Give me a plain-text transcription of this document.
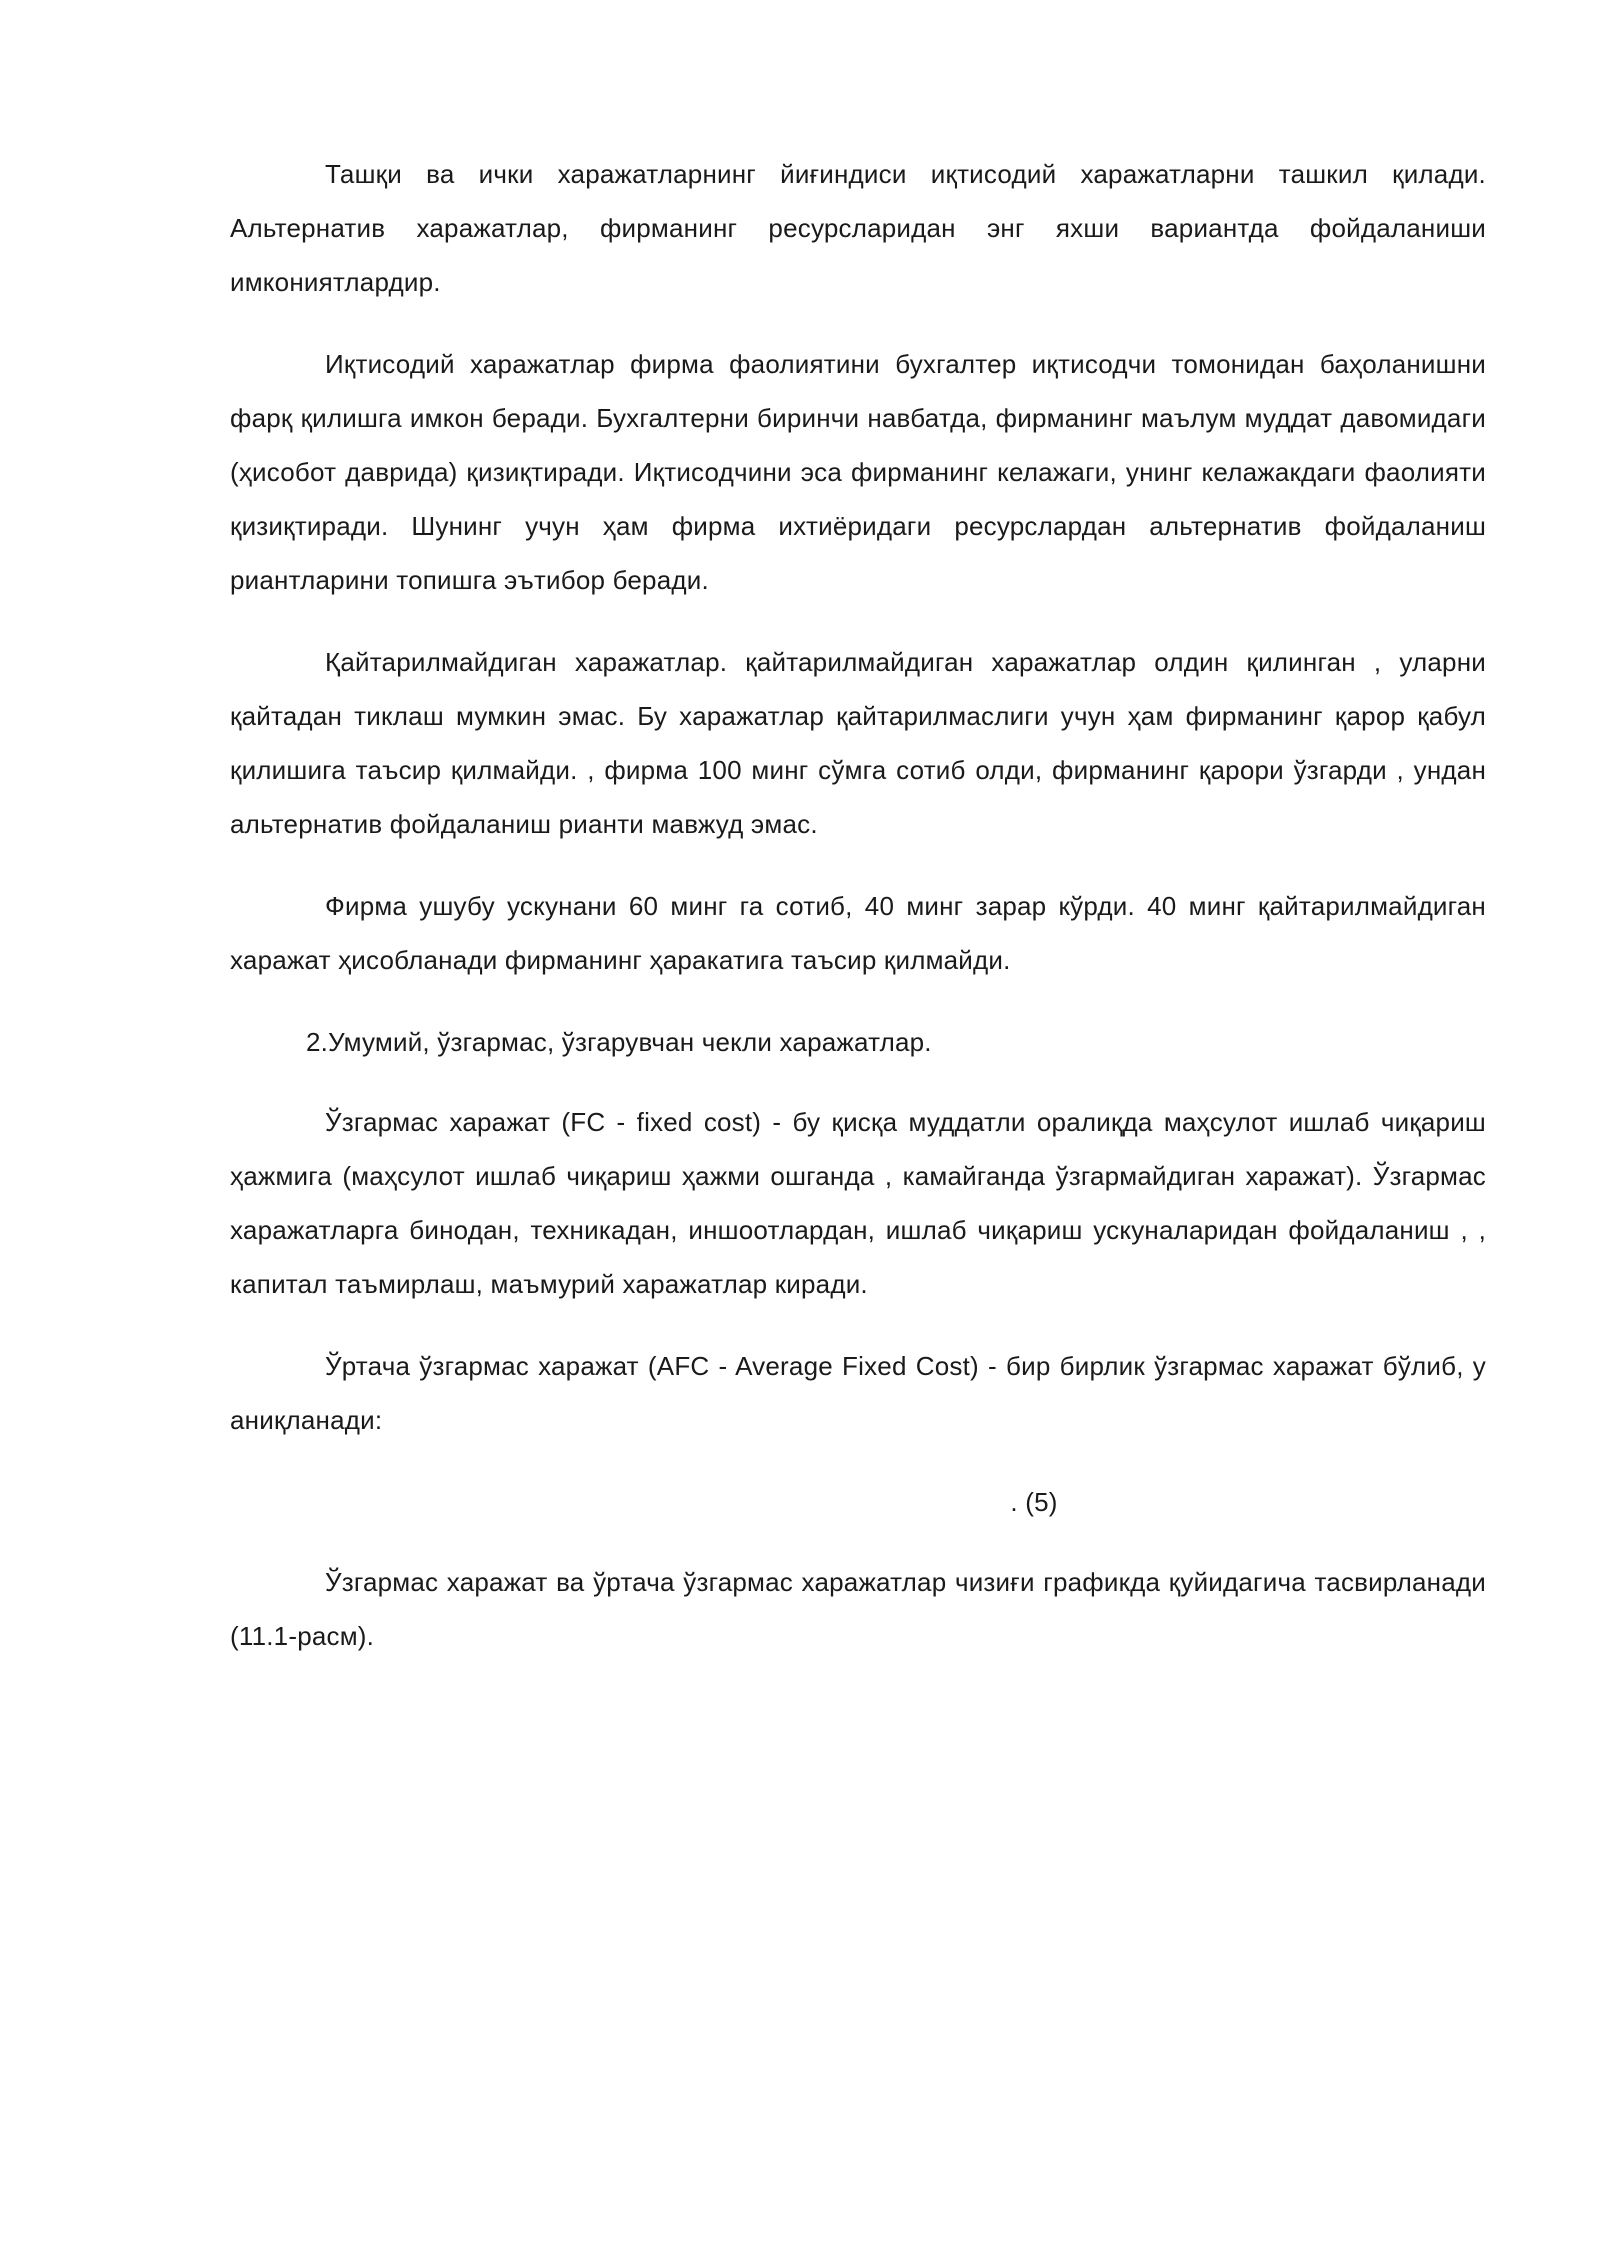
Ташқи ва ички харажатларнинг йиғиндиси иқтисодий харажатларни ташкил қилади. Альтернатив харажатлар, фирманинг ресурсларидан энг яхши вариантда фойдаланиши имкониятлардир.

Иқтисодий харажатлар фирма фаолиятини бухгалтер иқтисодчи томонидан баҳоланишни фарқ қилишга имкон беради. Бухгалтерни биринчи навбатда, фирманинг маълум муддат давомидаги (ҳисобот даврида) қизиқтиради. Иқтисодчини эса фирманинг келажаги, унинг келажакдаги фаолияти қизиқтиради. Шунинг учун ҳам фирма ихтиёридаги ресурслардан альтернатив фойдаланиш риантларини топишга эътибор беради.

Қайтарилмайдиган харажатлар. қайтарилмайдиган харажатлар олдин қилинган , уларни қайтадан тиклаш мумкин эмас. Бу харажатлар қайтарилмаслиги учун ҳам фирманинг қарор қабул қилишига таъсир қилмайди. , фирма 100 минг сўмга сотиб олди, фирманинг қарори ўзгарди , ундан альтернатив фойдаланиш рианти мавжуд эмас.

Фирма ушубу ускунани 60 минг га сотиб, 40 минг зарар кўрди. 40 минг қайтарилмайдиган харажат ҳисобланади фирманинг ҳаракатига таъсир қилмайди.

2.Умумий, ўзгармас, ўзгарувчан чекли харажатлар.

Ўзгармас харажат (FC - fixed cost) - бу қисқа муддатли оралиқда маҳсулот ишлаб чиқариш ҳажмига (маҳсулот ишлаб чиқариш ҳажми ошганда , камайганда ўзгармайдиган харажат). Ўзгармас харажатларга бинодан, техникадан, иншоотлардан, ишлаб чиқариш ускуналаридан фойдаланиш , , капитал таъмирлаш, маъмурий харажатлар киради.

Ўртача ўзгармас харажат (AFC - Average Fixed Cost) - бир бирлик ўзгармас харажат бўлиб, у аниқланади:

. (5)

Ўзгармас харажат ва ўртача ўзгармас харажатлар чизиғи графикда қуйидагича тасвирланади (11.1-расм).
